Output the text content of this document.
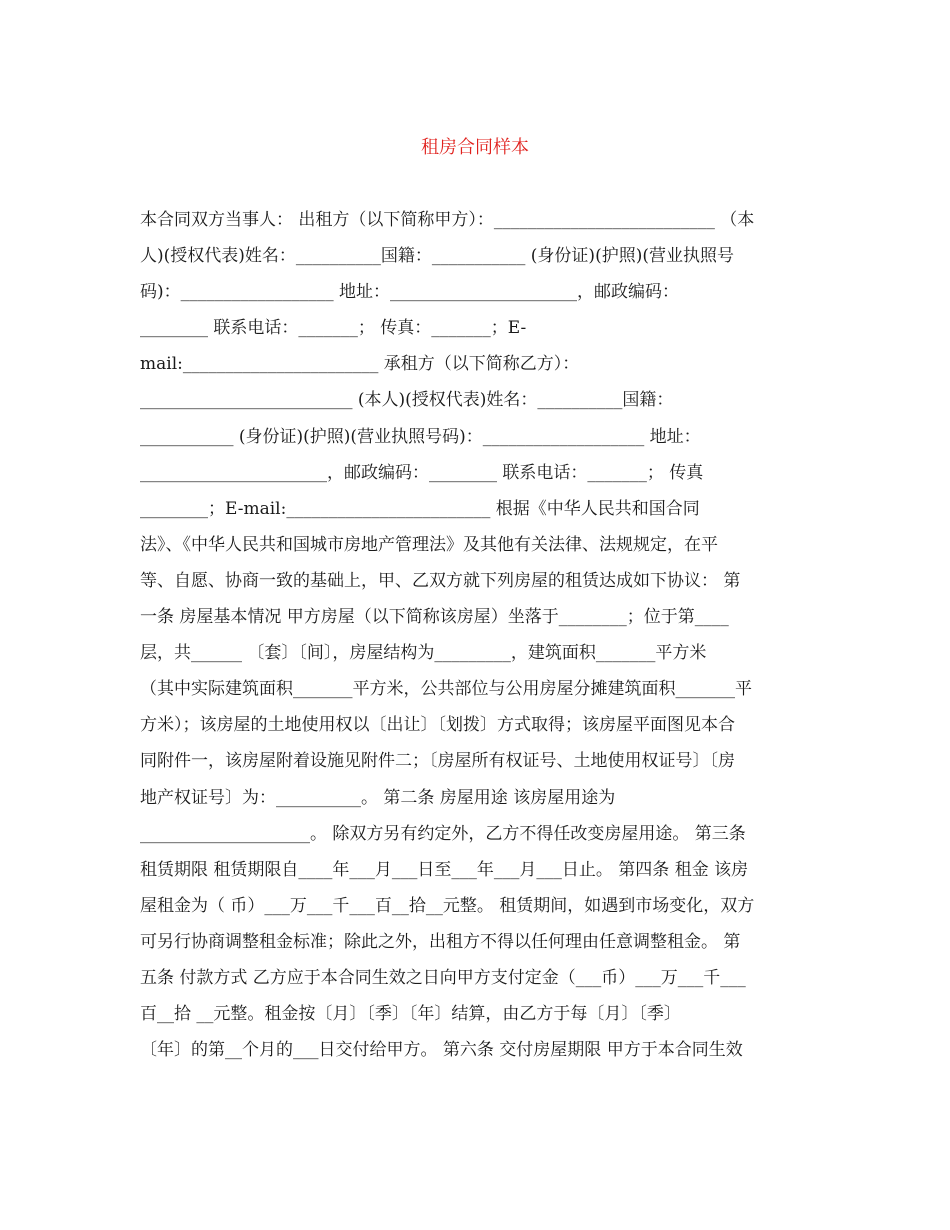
租房合同样本
本合同双方当事人： 出租方（以下简称甲方）：__________________________ （本
人)(授权代表)姓名：__________国籍：___________ (身份证)(护照)(营业执照号
码)：__________________ 地址：______________________，邮政编码：
________ 联系电话：_______； 传真：_______；E-
mail:_______________________ 承租方（以下简称乙方）：
_________________________ (本人)(授权代表)姓名：__________国籍：
___________ (身份证)(护照)(营业执照号码)：___________________ 地址：
______________________，邮政编码：________ 联系电话：_______； 传真
________；E-mail:________________________ 根据《中华人民共和国合同
法》、《中华人民共和国城市房地产管理法》及其他有关法律、法规规定，在平
等、自愿、协商一致的基础上，甲、乙双方就下列房屋的租赁达成如下协议： 第
一条 房屋基本情况 甲方房屋（以下简称该房屋）坐落于________；位于第____
层，共______ 〔套〕〔间〕，房屋结构为_________，建筑面积_______平方米
（其中实际建筑面积_______平方米，公共部位与公用房屋分摊建筑面积_______平
方米）；该房屋的土地使用权以〔出让〕〔划拨〕方式取得；该房屋平面图见本合
同附件一，该房屋附着设施见附件二；〔房屋所有权证号、土地使用权证号〕〔房
地产权证号〕为：__________。 第二条 房屋用途 该房屋用途为
____________________。 除双方另有约定外，乙方不得任改变房屋用途。 第三条
租赁期限 租赁期限自____年___月___日至___年___月___日止。 第四条 租金 该房
屋租金为（ 币）___万___千___百__拾__元整。 租赁期间，如遇到市场变化，双方
可另行协商调整租金标准；除此之外，出租方不得以任何理由任意调整租金。 第
五条 付款方式 乙方应于本合同生效之日向甲方支付定金（___币）___万___千___
百__拾 __元整。租金按〔月〕〔季〕〔年〕结算，由乙方于每〔月〕〔季〕
〔年〕的第__个月的___日交付给甲方。 第六条 交付房屋期限 甲方于本合同生效
